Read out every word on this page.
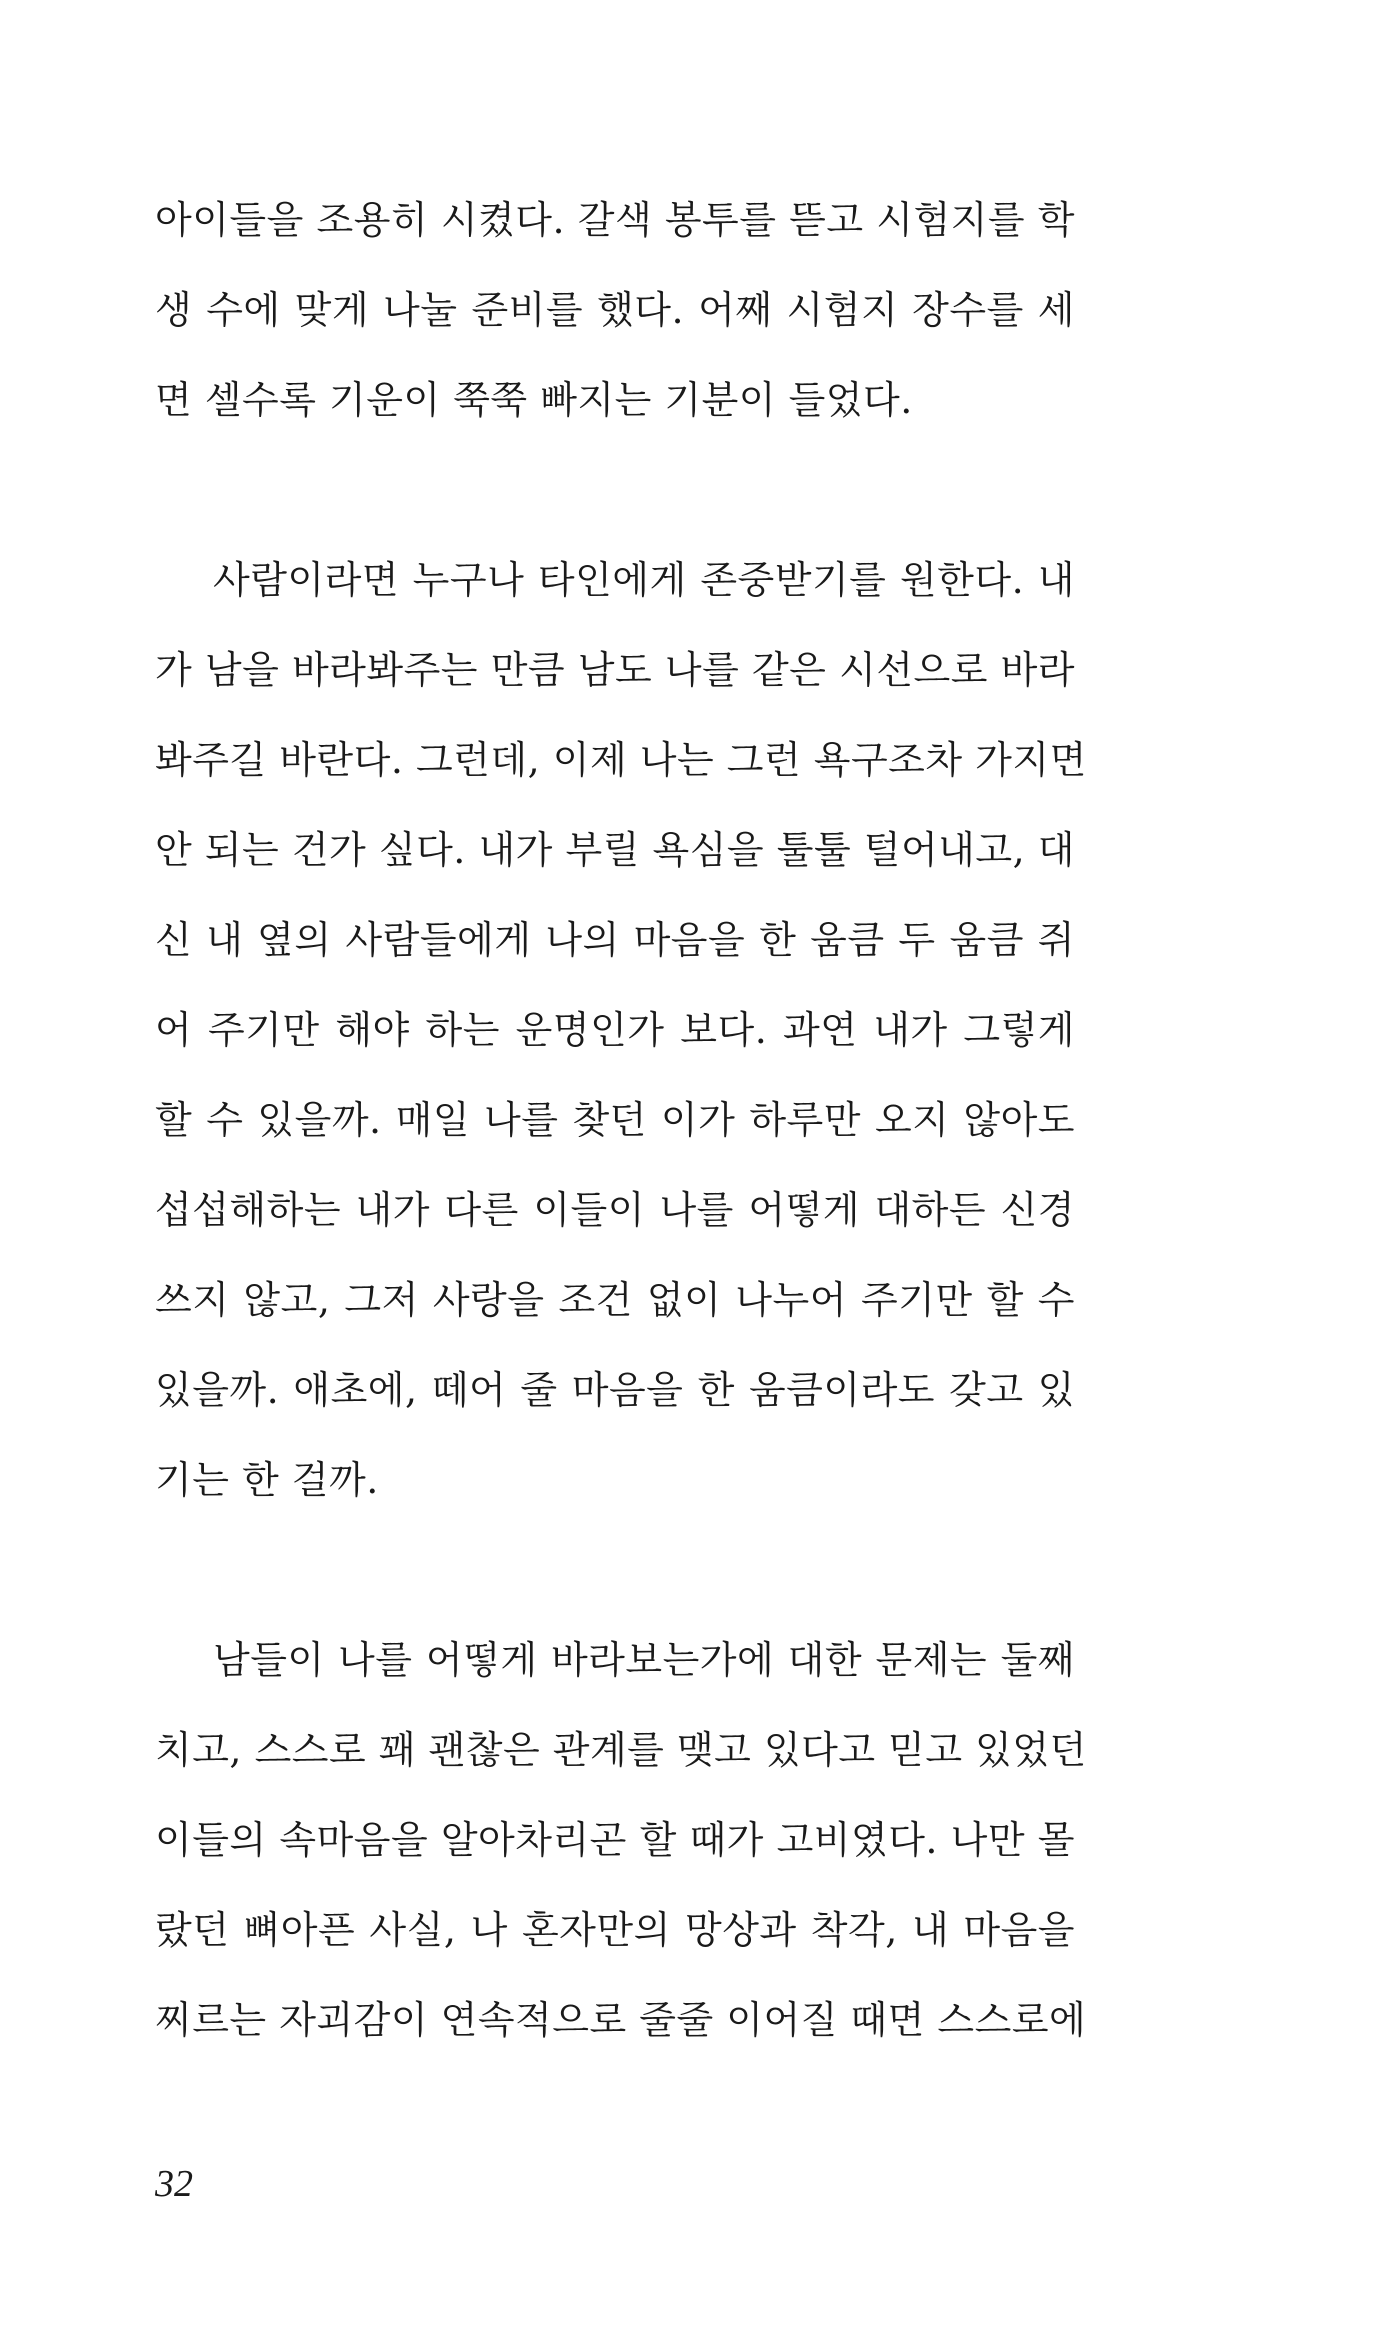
아이들을 조용히 시켰다. 갈색 봉투를 뜯고 시험지를 학
생 수에 맞게 나눌 준비를 했다. 어째 시험지 장수를 세
면 셀수록 기운이 쭉쭉 빠지는 기분이 들었다.
사람이라면 누구나 타인에게 존중받기를 원한다. 내
가 남을 바라봐주는 만큼 남도 나를 같은 시선으로 바라
봐주길 바란다. 그런데, 이제 나는 그런 욕구조차 가지면
안 되는 건가 싶다. 내가 부릴 욕심을 툴툴 털어내고, 대
신 내 옆의 사람들에게 나의 마음을 한 움큼 두 움큼 쥐
어 주기만 해야 하는 운명인가 보다. 과연 내가 그렇게
할 수 있을까. 매일 나를 찾던 이가 하루만 오지 않아도
섭섭해하는 내가 다른 이들이 나를 어떻게 대하든 신경
쓰지 않고, 그저 사랑을 조건 없이 나누어 주기만 할 수
있을까. 애초에, 떼어 줄 마음을 한 움큼이라도 갖고 있
기는 한 걸까.
남들이 나를 어떻게 바라보는가에 대한 문제는 둘째
치고, 스스로 꽤 괜찮은 관계를 맺고 있다고 믿고 있었던
이들의 속마음을 알아차리곤 할 때가 고비였다. 나만 몰
랐던 뼈아픈 사실, 나 혼자만의 망상과 착각, 내 마음을
찌르는 자괴감이 연속적으로 줄줄 이어질 때면 스스로에
32
